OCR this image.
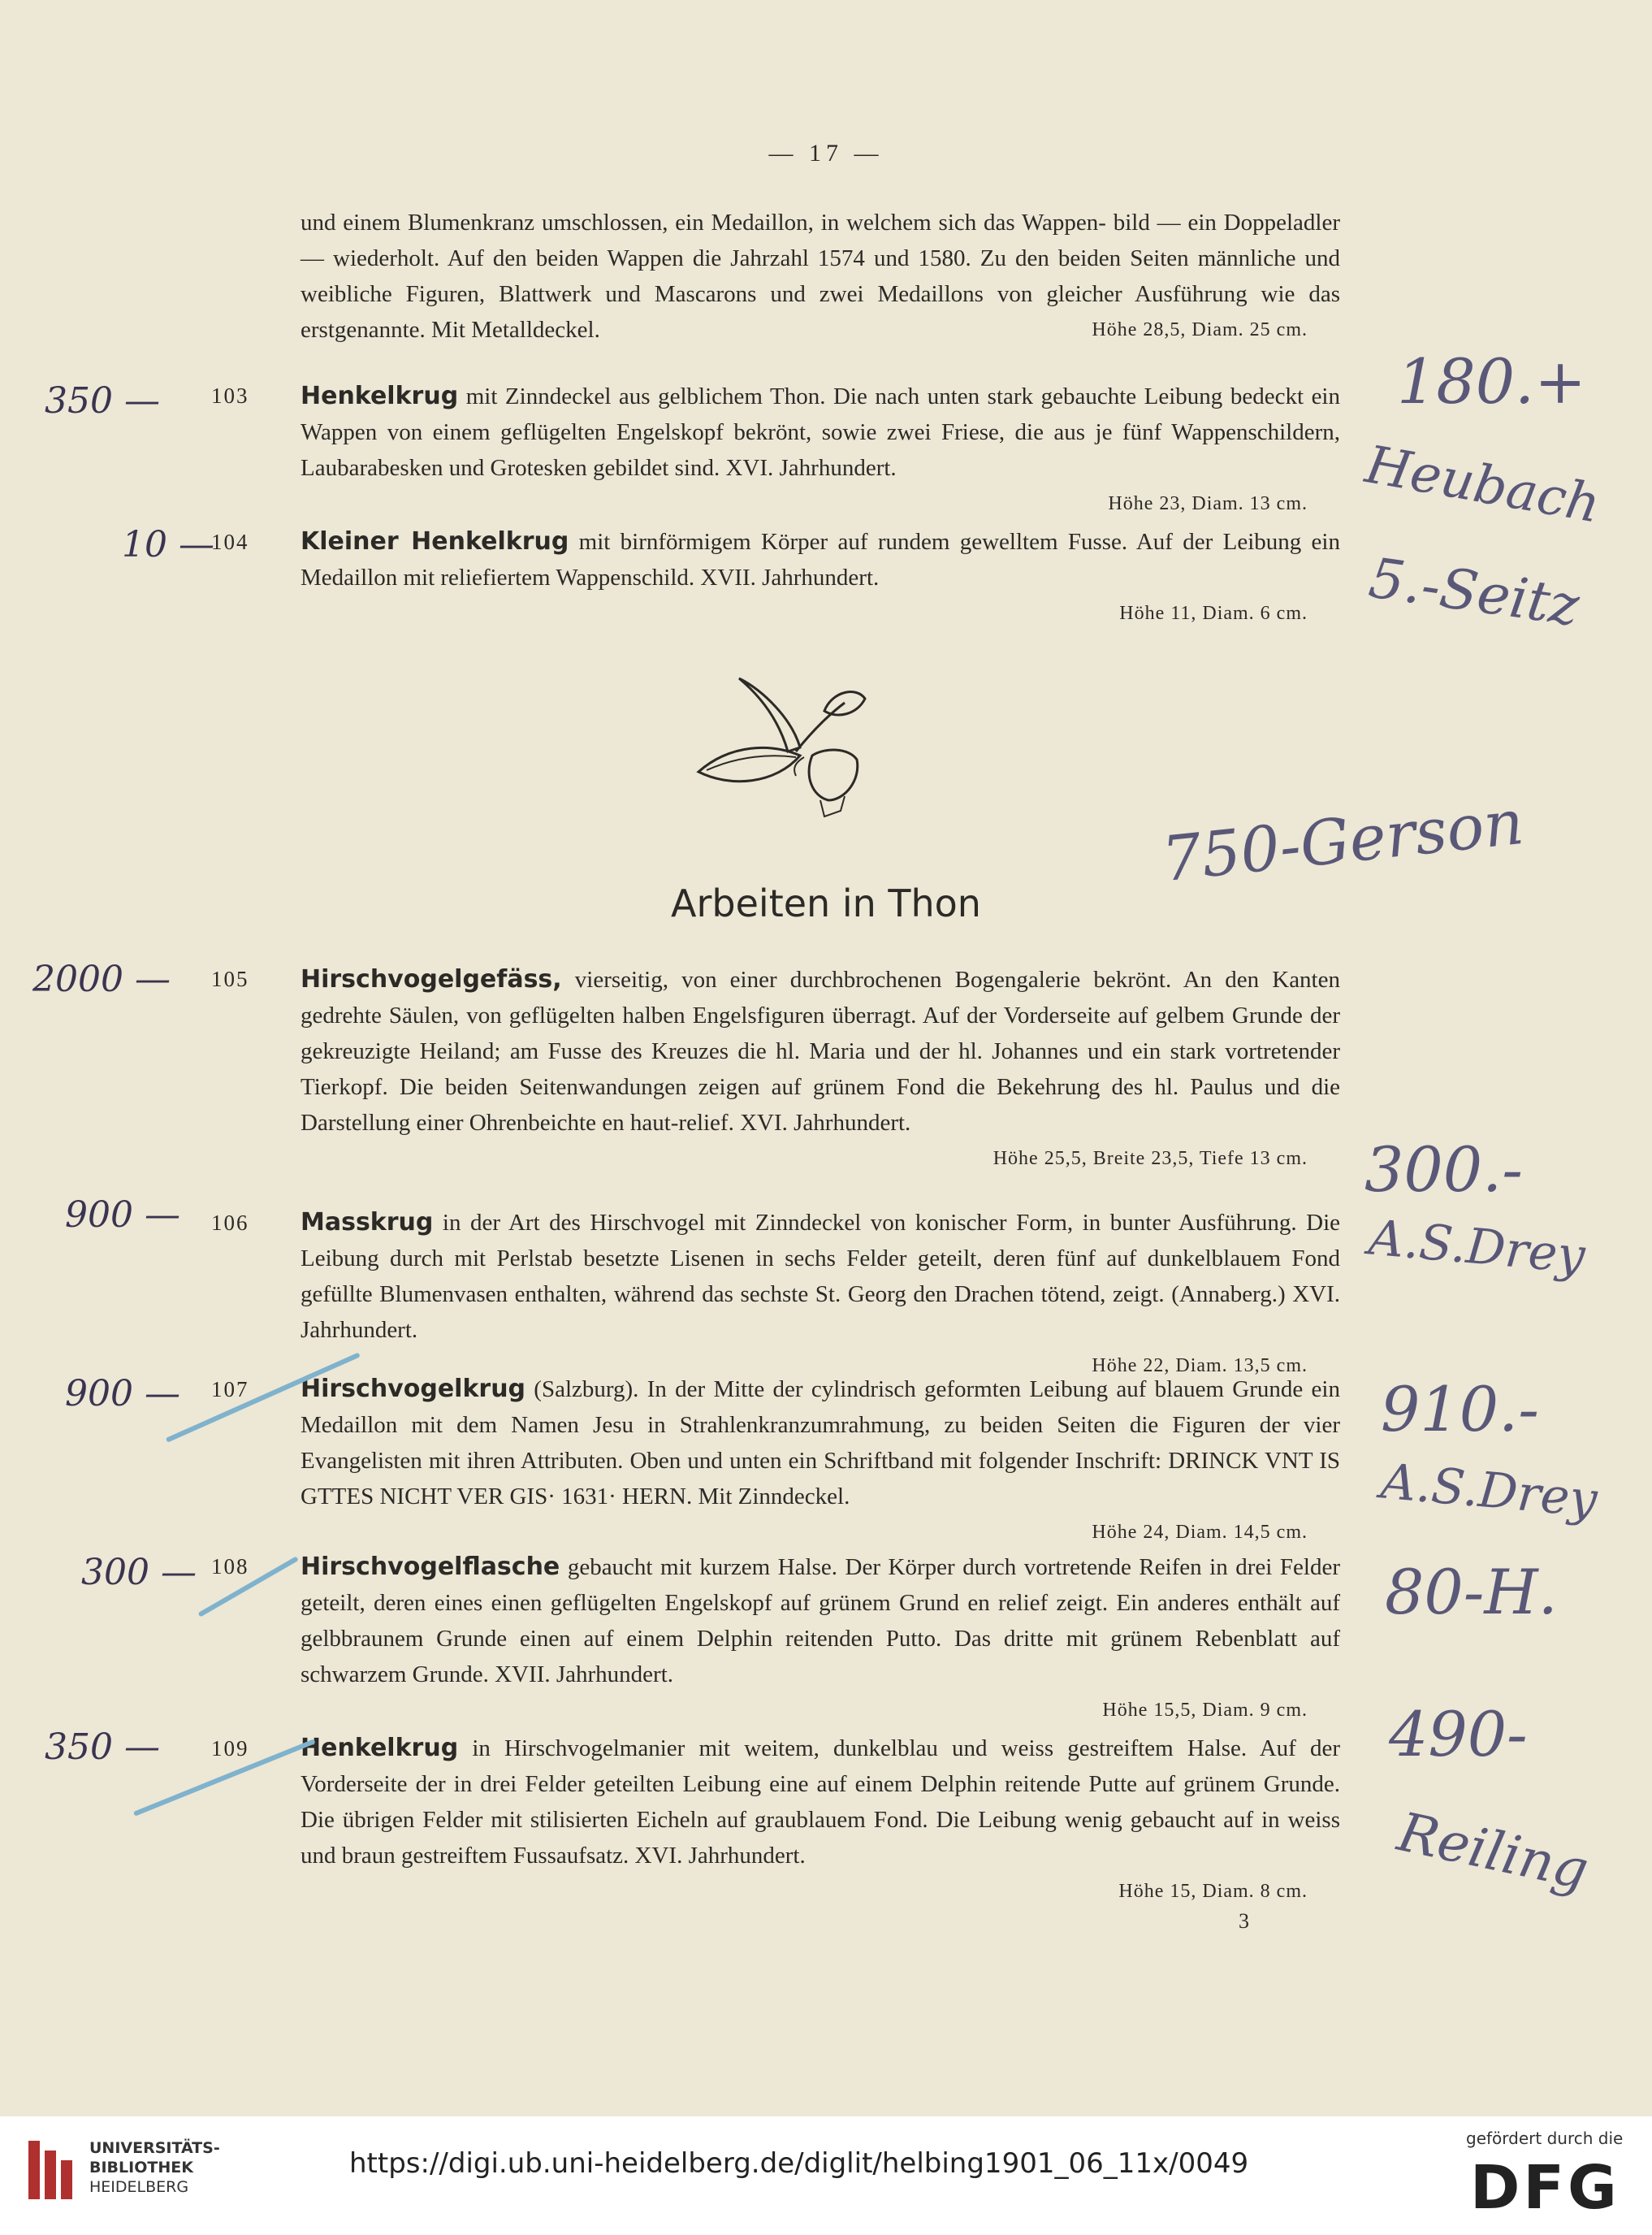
— 17 —
und einem Blumenkranz umschlossen, ein Medaillon, in welchem sich das Wappen- bild — ein Doppeladler — wiederholt. Auf den beiden Wappen die Jahrzahl 1574 und 1580. Zu den beiden Seiten männliche und weibliche Figuren, Blattwerk und Mascarons und zwei Medaillons von gleicher Ausführung wie das erstgenannte. Mit Metalldeckel.	Höhe 28,5, Diam. 25 cm.
350 — 103 Henkelkrug mit Zinndeckel aus gelblichem Thon. Die nach unten stark gebauchte Leibung bedeckt ein Wappen von einem geflügelten Engelskopf bekrönt, sowie zwei Friese, die aus je fünf Wappenschildern, Laubarabesken und Grotesken gebildet sind. XVI. Jahrhundert.
Höhe 23, Diam. 13 cm.
10 —
104 Kleiner Henkelkrug mit birnförmigem Körper auf rundem gewelltem Fusse. Auf der Leibung ein Medaillon mit reliefiertem Wappenschild. XVII. Jahrhundert.
Höhe 11, Diam. 6 cm.
Arbeiten in Thon
2000 — 105 Hirschvogelgefäss, vierseitig, von einer durchbrochenen Bogengalerie bekrönt. An den Kanten gedrehte Säulen, von geflügelten halben Engelsfiguren überragt. Auf der Vorderseite auf gelbem Grunde der gekreuzigte Heiland; am Fusse des Kreuzes die hl. Maria und der hl. Johannes und ein stark vortretender Tierkopf. Die beiden Seitenwandungen zeigen auf grünem Fond die Bekehrung des hl. Paulus und die Darstellung einer Ohrenbeichte en haut-relief. XVI. Jahrhundert.
Höhe 25,5, Breite 23,5, Tiefe 13 cm.
900 — 106 Masskrug in der Art des Hirschvogel mit Zinndeckel von konischer Form, in bunter Ausführung. Die Leibung durch mit Perlstab besetzte Lisenen in sechs Felder geteilt, deren fünf auf dunkelblauem Fond gefüllte Blumenvasen enthalten, während das sechste St. Georg den Drachen tötend, zeigt. (Annaberg.) XVI. Jahrhundert.
Höhe 22, Diam. 13,5 cm.
900 — 107 Hirschvogelkrug (Salzburg). In der Mitte der cylindrisch geformten Leibung auf blauem Grunde ein Medaillon mit dem Namen Jesu in Strahlenkranzumrahmung, zu beiden Seiten die Figuren der vier Evangelisten mit ihren Attributen. Oben und unten ein Schriftband mit folgender Inschrift: DRINCK VNT IS GTTES NICHT VER GIS· 1631· HERN. Mit Zinndeckel.
Höhe 24, Diam. 14,5 cm.
300 — 108 Hirschvogelflasche gebaucht mit kurzem Halse. Der Körper durch vortretende Reifen in drei Felder geteilt, deren eines einen geflügelten Engelskopf auf grünem Grund en relief zeigt. Ein anderes enthält auf gelbbraunem Grunde einen auf einem Delphin reitenden Putto. Das dritte mit grünem Rebenblatt auf schwarzem Grunde. XVII. Jahrhundert.
Höhe 15,5, Diam. 9 cm.
350 — 109 Henkelkrug in Hirschvogelmanier mit weitem, dunkelblau und weiss gestreiftem Halse. Auf der Vorderseite der in drei Felder geteilten Leibung eine auf einem Delphin reitende Putte auf grünem Grunde. Die übrigen Felder mit stilisierten Eicheln auf graublauem Fond. Die Leibung wenig gebaucht auf in weiss und braun gestreiftem Fussaufsatz. XVI. Jahrhundert.
Höhe 15, Diam. 8 cm.
3
180.+
Heubach
5.-Seitz
750-Gerson
300.-
A.S.Drey
910.-
A.S.Drey
80-H.
490-
Reiling
UNIVERSITÄTS-
BIBLIOTHEK
HEIDELBERG
https://digi.ub.uni-heidelberg.de/diglit/helbing1901_06_11x/0049
gefördert durch die
DFG
